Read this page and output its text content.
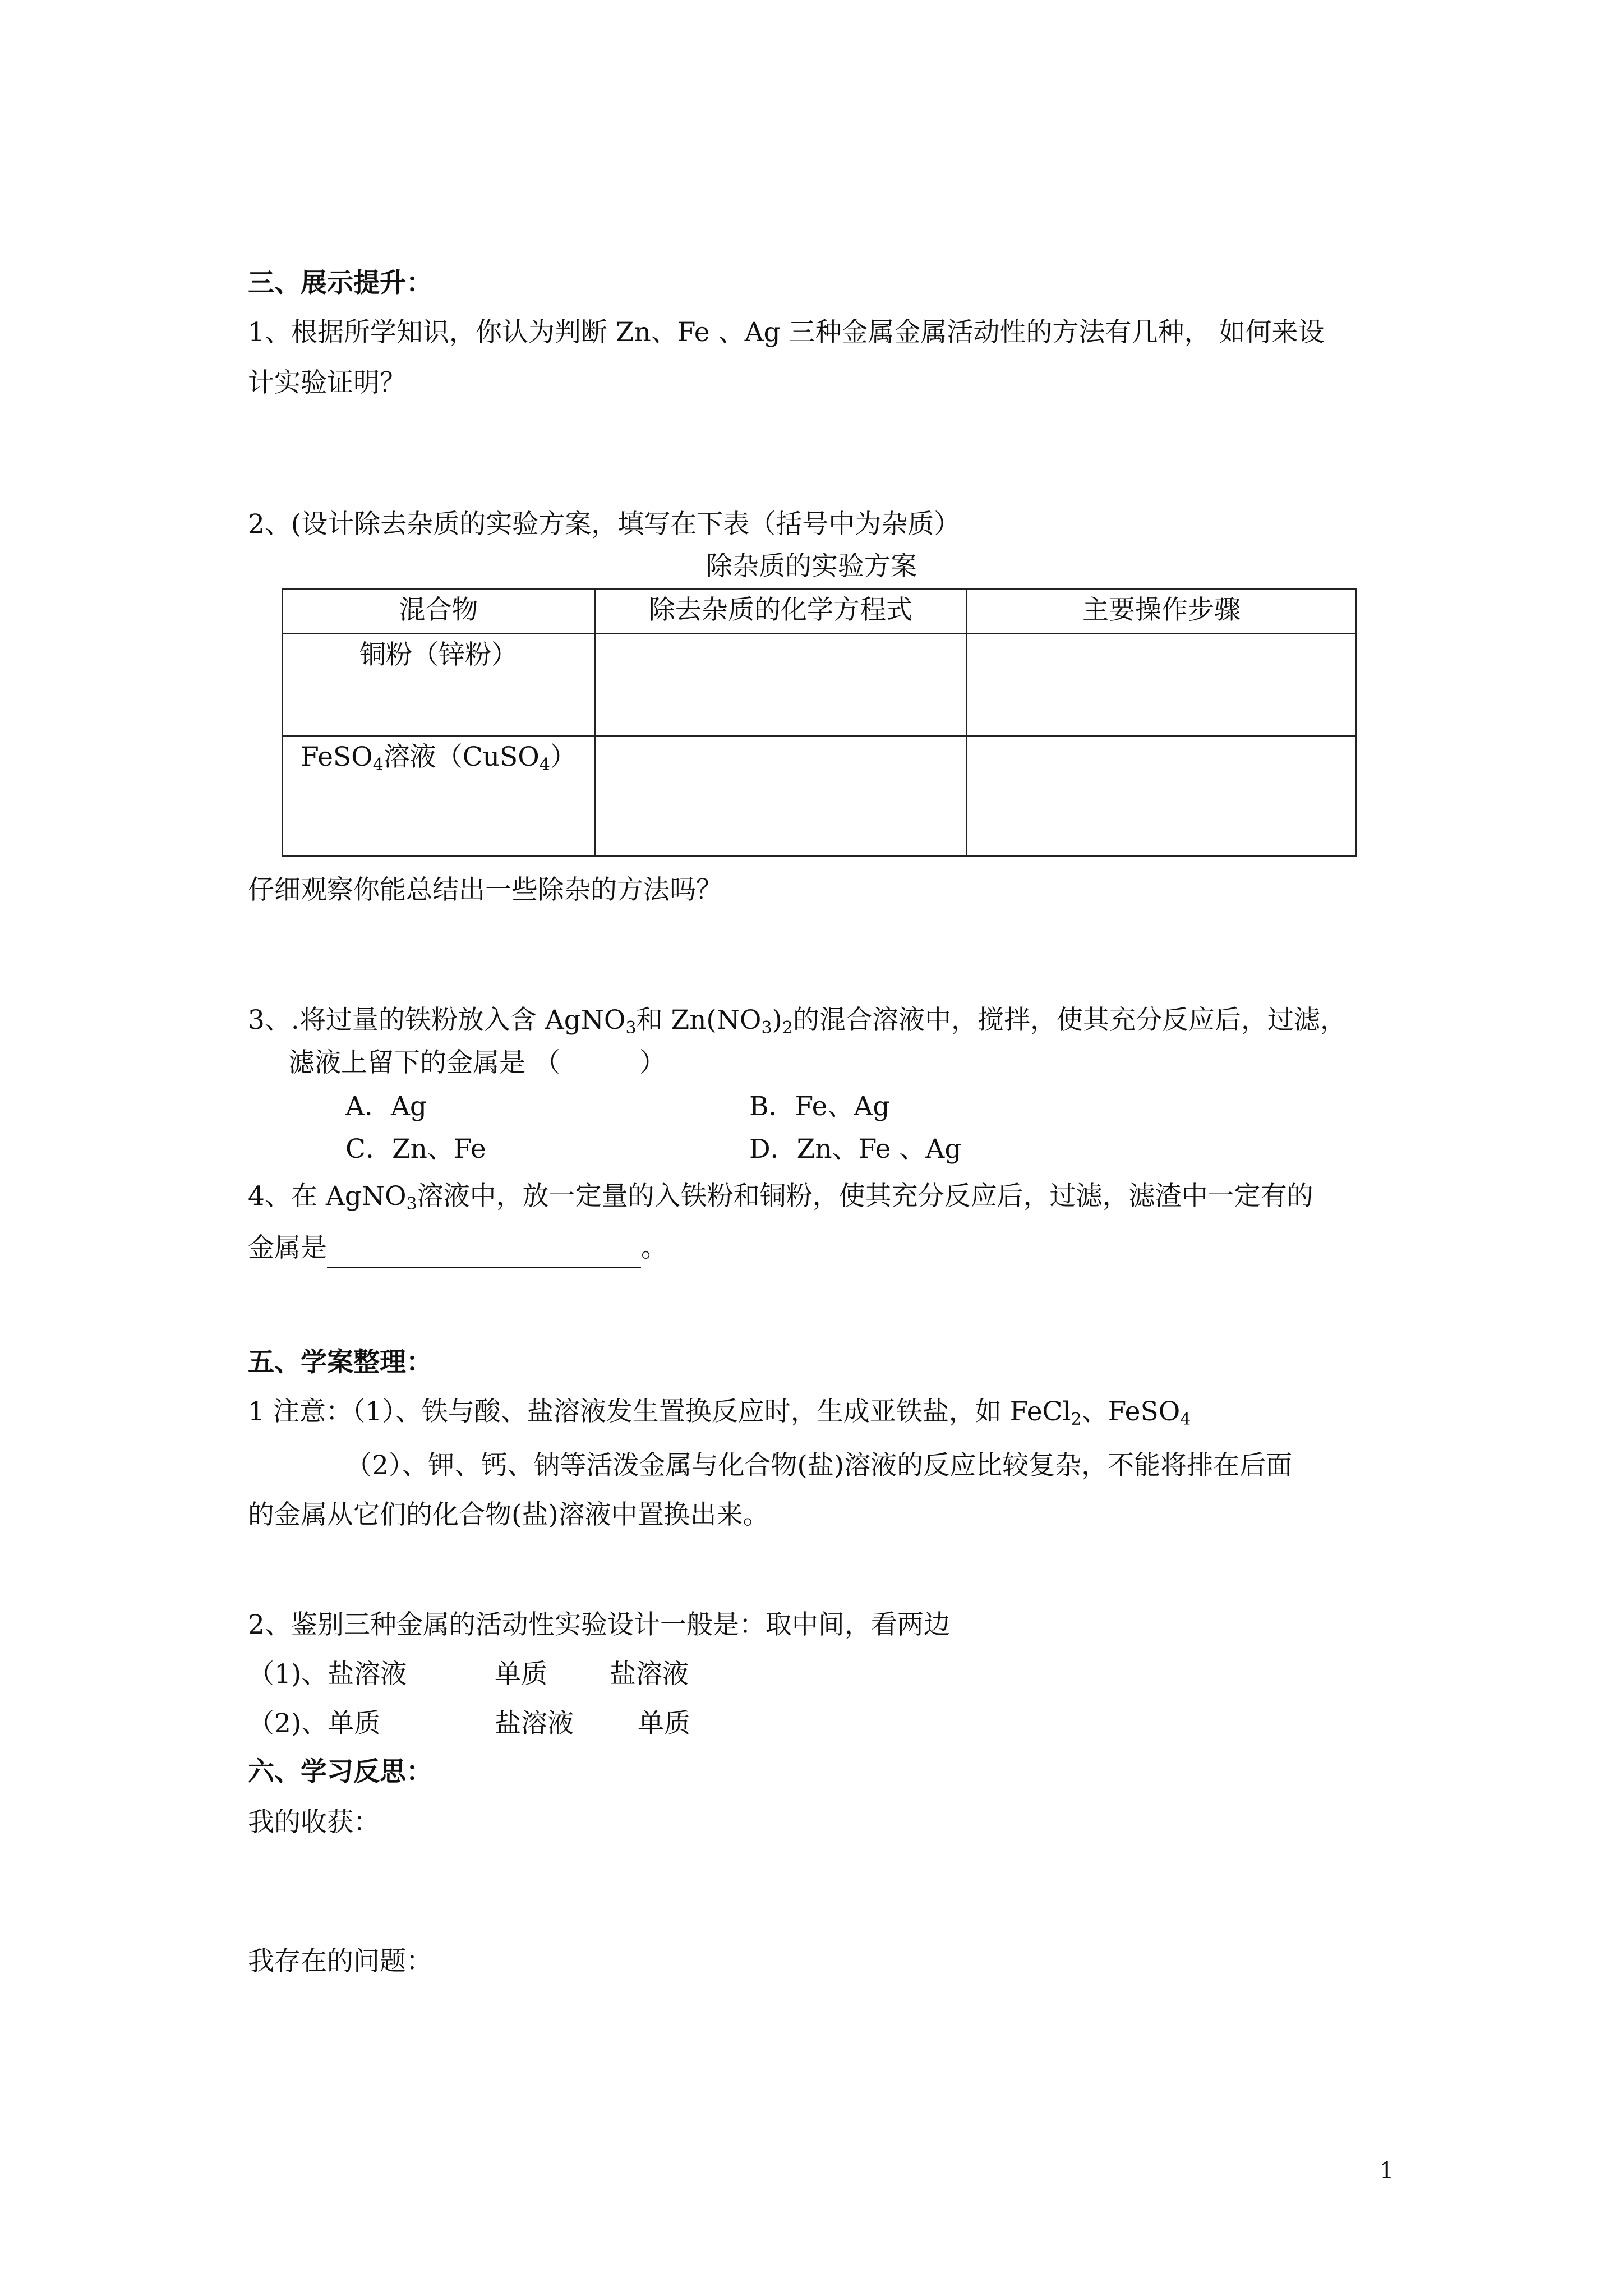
三、展示提升：

1、根据所学知识，你认为判断 Zn、Fe 、Ag 三种金属金属活动性的方法有几种， 如何来设

计实验证明？

2、(设计除去杂质的实验方案，填写在下表（括号中为杂质）

除杂质的实验方案
混合物	除去杂质的化学方程式	主要操作步骤
铜粉（锌粉）		
FeSO$_4$溶液（CuSO$_4$）		

仔细观察你能总结出一些除杂的方法吗？

3、.将过量的铁粉放入含 AgNO$_3$和 $Zn(NO_3)_2$的混合溶液中，搅拌，使其充分反应后，过滤，

滤液上留下的金属是 （　　　）

A．Ag	B．Fe、Ag
C．Zn、Fe	D．Zn、Fe 、Ag

4、在 AgNO$_3$溶液中，放一定量的入铁粉和铜粉，使其充分反应后，过滤，滤渣中一定有的

金属是	。

五、学案整理：

1 注意：（1）、铁与酸、盐溶液发生置换反应时，生成亚铁盐，如 FeCl$_2$、FeSO$_4$

（2）、钾、钙、钠等活泼金属与化合物(盐)溶液的反应比较复杂，不能将排在后面

的金属从它们的化合物(盐)溶液中置换出来。

2、鉴别三种金属的活动性实验设计一般是：取中间，看两边

（1)、盐溶液	单质 盐溶液
（2)、单质	盐溶液 单质

六、学习反思：

我的收获：

我存在的问题：

1
